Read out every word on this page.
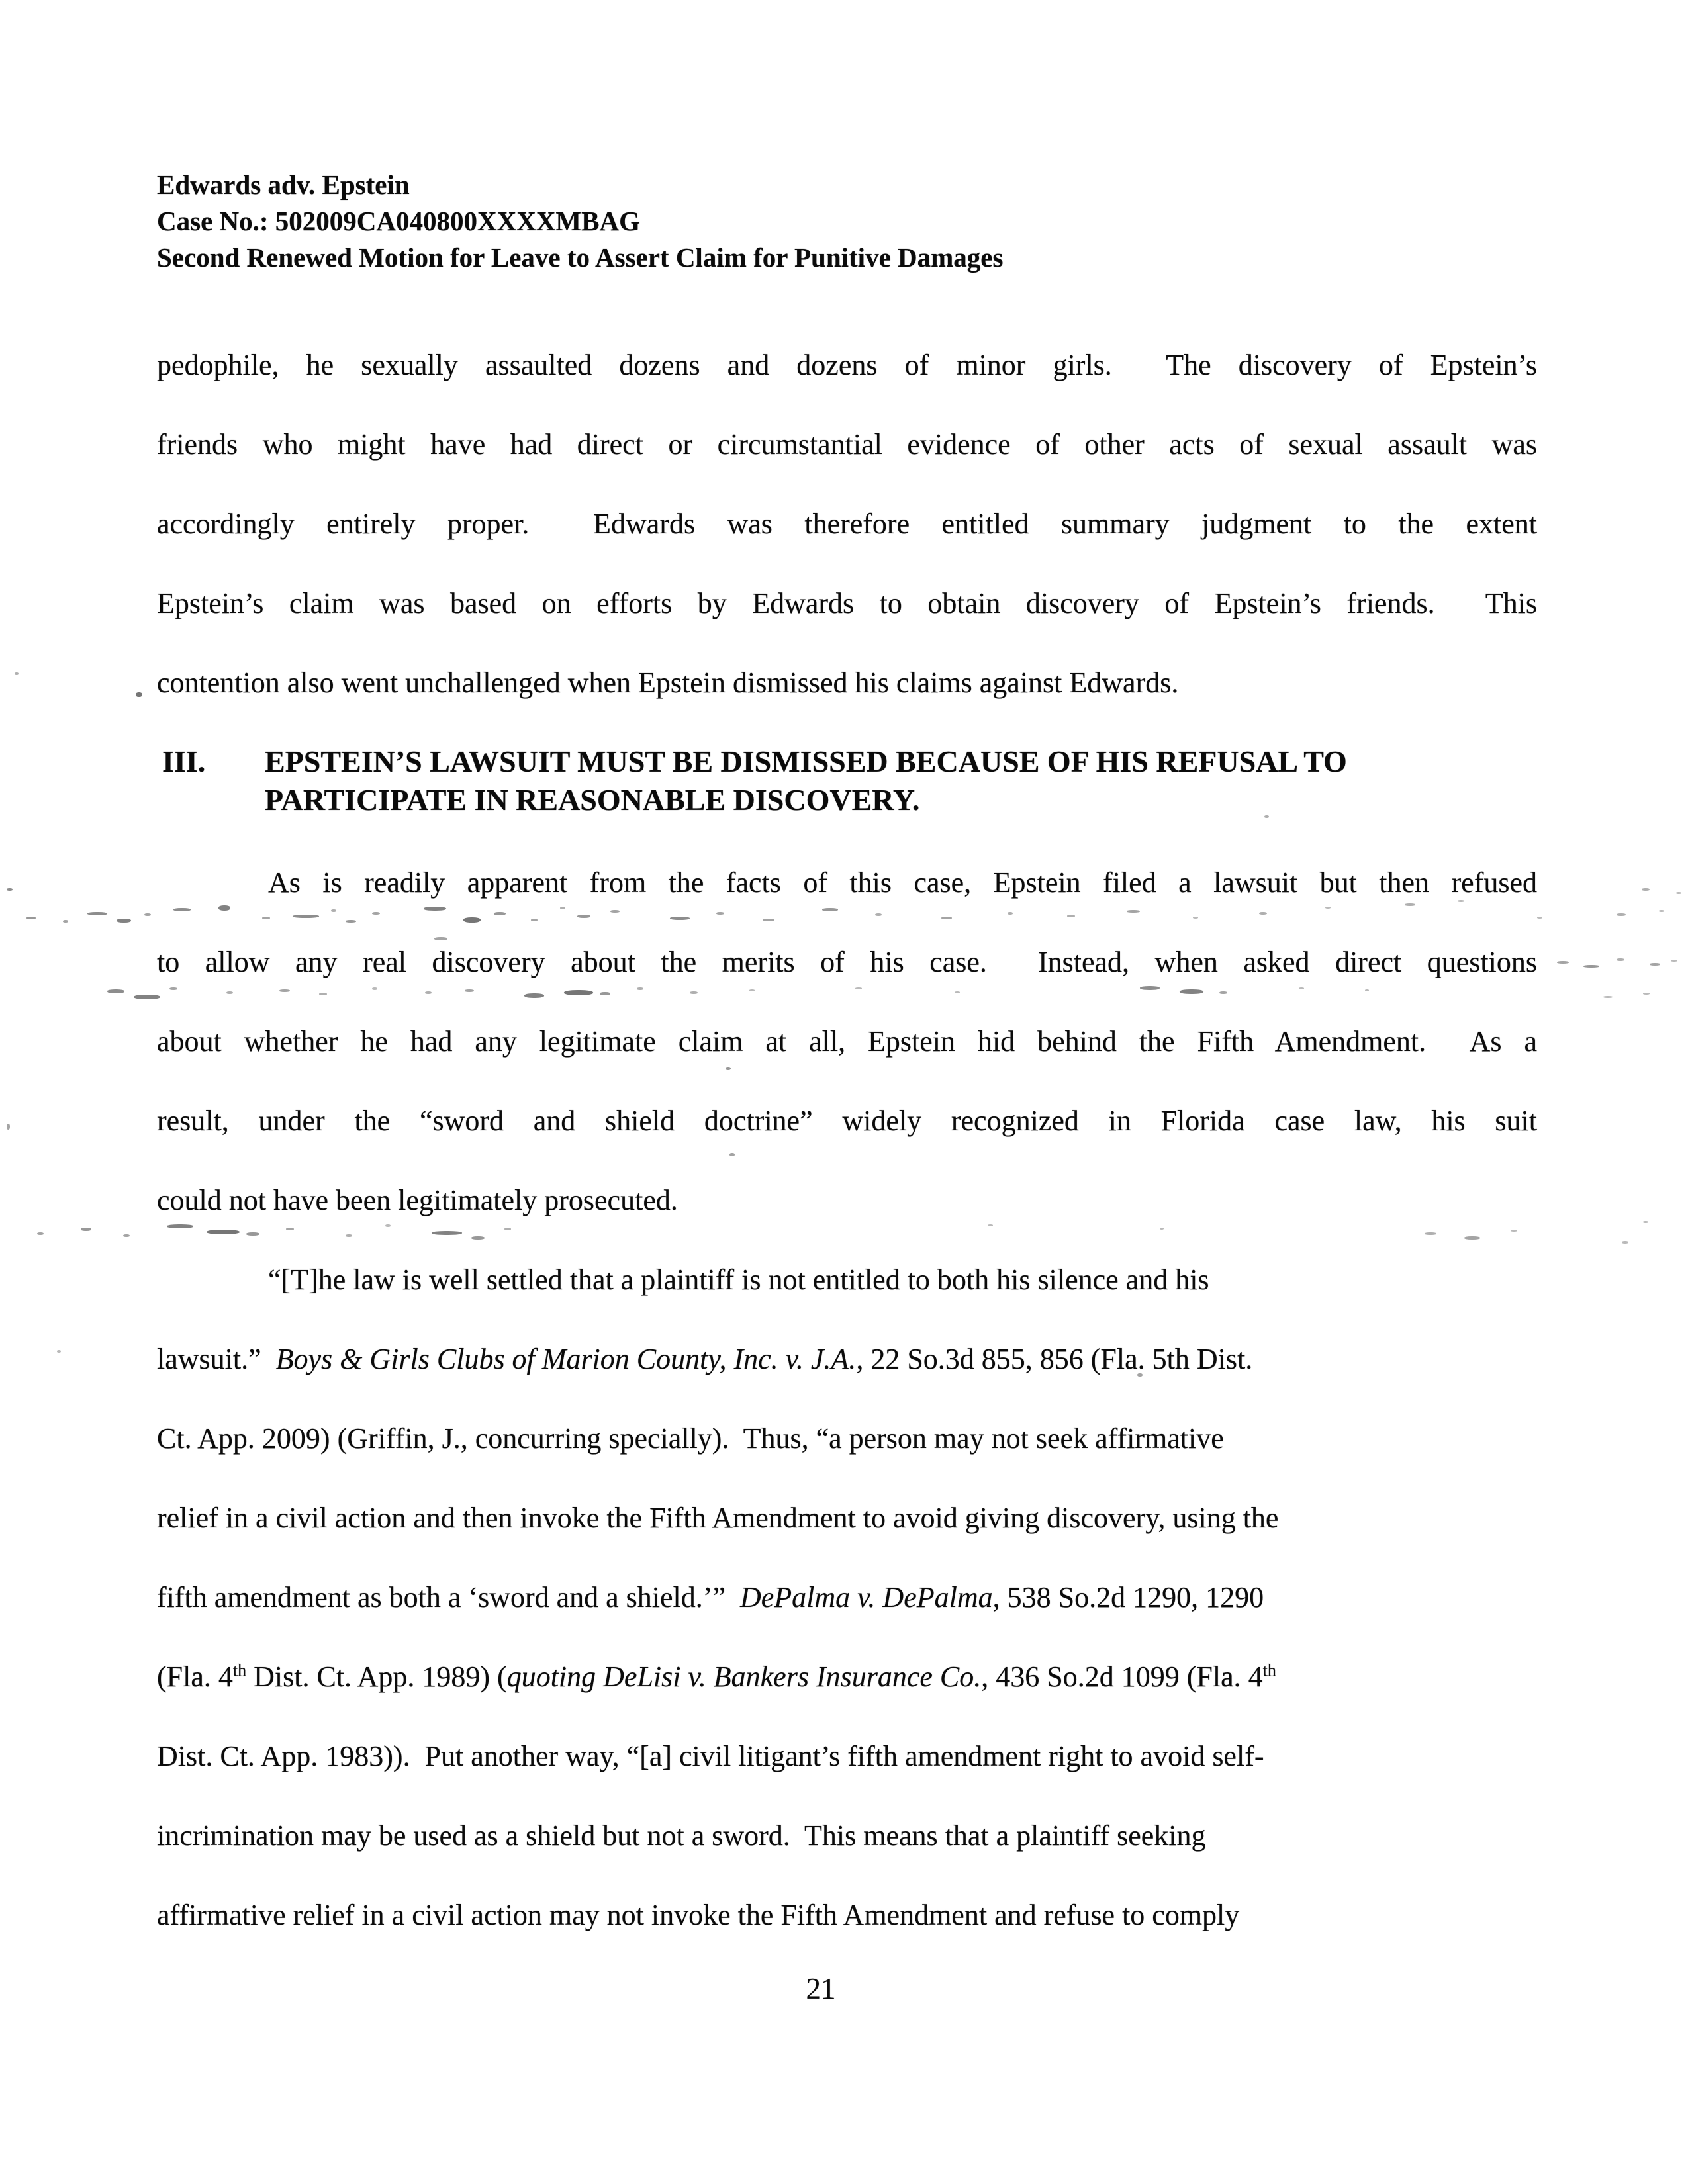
Edwards adv. Epstein
Case No.: 502009CA040800XXXXMBAG
Second Renewed Motion for Leave to Assert Claim for Punitive Damages
pedophile, he sexually assaulted dozens and dozens of minor girls.  The discovery of Epstein’s
friends who might have had direct or circumstantial evidence of other acts of sexual assault was
accordingly entirely proper.  Edwards was therefore entitled summary judgment to the extent
Epstein’s claim was based on efforts by Edwards to obtain discovery of Epstein’s friends.  This
contention also went unchallenged when Epstein dismissed his claims against Edwards.
III.	EPSTEIN’S LAWSUIT MUST BE DISMISSED BECAUSE OF HIS REFUSAL TO
PARTICIPATE IN REASONABLE DISCOVERY.
As is readily apparent from the facts of this case, Epstein filed a lawsuit but then refused
to allow any real discovery about the merits of his case.  Instead, when asked direct questions
about whether he had any legitimate claim at all, Epstein hid behind the Fifth Amendment.  As a
result, under the “sword and shield doctrine” widely recognized in Florida case law, his suit
could not have been legitimately prosecuted.
“[T]he law is well settled that a plaintiff is not entitled to both his silence and his
lawsuit.”  Boys & Girls Clubs of Marion County, Inc. v. J.A., 22 So.3d 855, 856 (Fla. 5th Dist.
Ct. App. 2009) (Griffin, J., concurring specially).  Thus, “a person may not seek affirmative
relief in a civil action and then invoke the Fifth Amendment to avoid giving discovery, using the
fifth amendment as both a ‘sword and a shield.’”  DePalma v. DePalma, 538 So.2d 1290, 1290
(Fla. 4th Dist. Ct. App. 1989) (quoting DeLisi v. Bankers Insurance Co., 436 So.2d 1099 (Fla. 4th
Dist. Ct. App. 1983)).  Put another way, “[a] civil litigant’s fifth amendment right to avoid self-
incrimination may be used as a shield but not a sword.  This means that a plaintiff seeking
affirmative relief in a civil action may not invoke the Fifth Amendment and refuse to comply
21
